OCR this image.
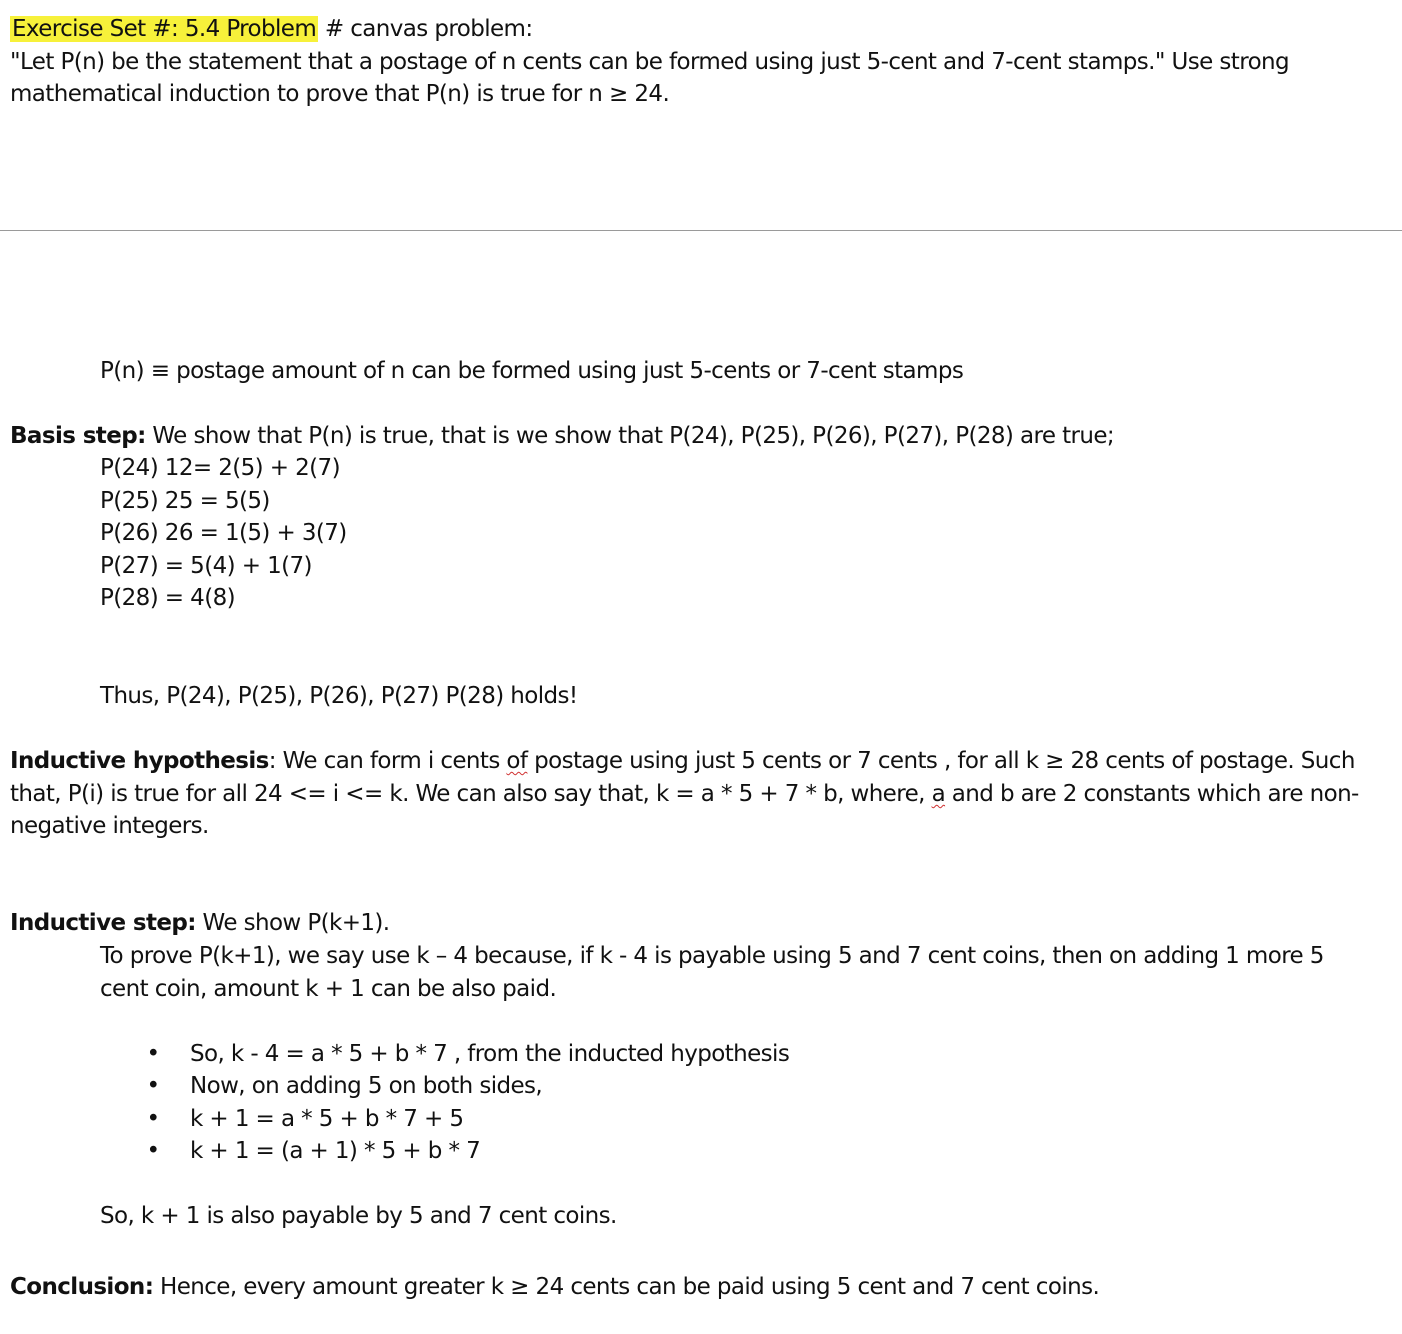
Exercise Set #: 5.4 Problem # canvas problem:
"Let P(n) be the statement that a postage of n cents can be formed using just 5-cent and 7-cent stamps." Use strong
mathematical induction to prove that P(n) is true for n ≥ 24.
P(n) ≡ postage amount of n can be formed using just 5-cents or 7-cent stamps
Basis step: We show that P(n) is true, that is we show that P(24), P(25), P(26), P(27), P(28) are true;
P(24) 12= 2(5) + 2(7)
P(25) 25 = 5(5)
P(26) 26 = 1(5) + 3(7)
P(27) = 5(4) + 1(7)
P(28) = 4(8)
Thus, P(24), P(25), P(26), P(27) P(28) holds!
Inductive hypothesis: We can form i cents of postage using just 5 cents or 7 cents , for all k ≥ 28 cents of postage. Such
that, P(i) is true for all 24 <= i <= k. We can also say that, k = a * 5 + 7 * b, where, a and b are 2 constants which are non-
negative integers.
Inductive step: We show P(k+1).
To prove P(k+1), we say use k – 4 because, if k - 4 is payable using 5 and 7 cent coins, then on adding 1 more 5
cent coin, amount k + 1 can be also paid.
• So, k - 4 = a * 5 + b * 7 , from the inducted hypothesis
• Now, on adding 5 on both sides,
• k + 1 = a * 5 + b * 7 + 5
• k + 1 = (a + 1) * 5 + b * 7
So, k + 1 is also payable by 5 and 7 cent coins.
Conclusion: Hence, every amount greater k ≥ 24 cents can be paid using 5 cent and 7 cent coins.
